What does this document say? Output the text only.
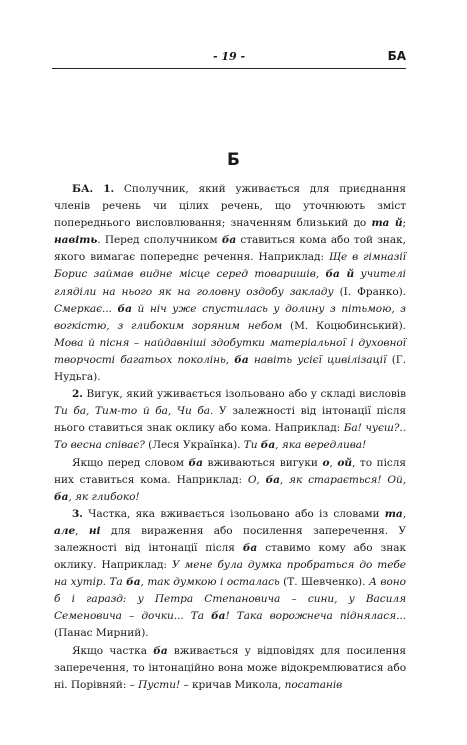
- 19 -	БА
Б

БА. 1. Сполучник, який уживається для приєднання членів речень чи цілих речень, що уточнюють зміст попереднього висловлювання; значенням близький до та й; навіть. Перед сполучником ба ставиться кома або той знак, якого вимагає попереднє речення. Наприклад: Ще в гімназії Борис займав видне місце серед товаришів, ба й учителі гляділи на нього як на головну оздобу закладу (І. Франко). Смеркає... ба й ніч уже спустилась у долину з пітьмою, з вогкістю, з глибоким зоряним небом (М. Коцюбинський). Мова й пісня – найдавніші здобутки матеріальної і духовної творчості багатьох поколінь, ба навіть усієї цивілізації (Г. Нудьга).

2. Вигук, який уживається ізольовано або у складі висловів Ти ба, Тим-то й ба, Чи ба. У залежності від інтонації після нього ставиться знак оклику або кома. Наприклад: Ба! чуєш?.. То весна співає? (Леся Українка). Ти ба, яка вередлива!

Якщо перед словом ба вживаються вигуки о, ой, то після них ставиться кома. Наприклад: О, ба, як старається! Ой, ба, як глибоко!

3. Частка, яка вживається ізольовано або із словами та, але, ні для вираження або посилення заперечення. У залежності від інтонації після ба ставимо кому або знак оклику. Наприклад: У мене була думка пробраться до тебе на хутір. Та ба, так думкою і осталась (Т. Шевченко). А воно б і гаразд: у Петра Степановича – сини, у Василя Семеновича – дочки... Та ба! Така ворожнеча піднялася... (Панас Мирний).

Якщо частка ба вживається у відповідях для посилення заперечення, то інтонаційно вона може відокремлюватися або ні. Порівняй: – Пусти! – кричав Микола, посатанів
